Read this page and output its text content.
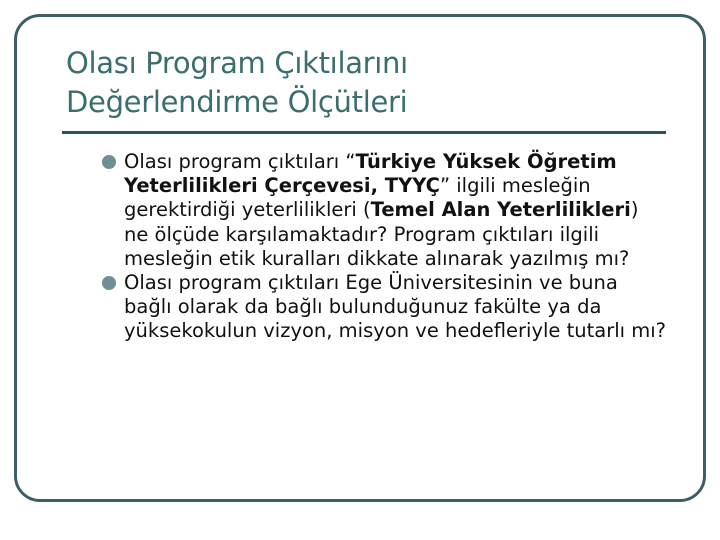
Olası Program Çıktılarını
Değerlendirme Ölçütleri
Olası program çıktıları “Türkiye Yüksek Öğretim Yeterlilikleri Çerçevesi, TYYÇ” ilgili mesleğin gerektirdiği yeterlilikleri (Temel Alan Yeterlilikleri) ne ölçüde karşılamaktadır? Program çıktıları ilgili mesleğin etik kuralları dikkate alınarak yazılmış mı?
Olası program çıktıları Ege Üniversitesinin ve buna bağlı olarak da bağlı bulunduğunuz fakülte ya da yüksekokulun vizyon, misyon ve hedefleriyle tutarlı mı?
